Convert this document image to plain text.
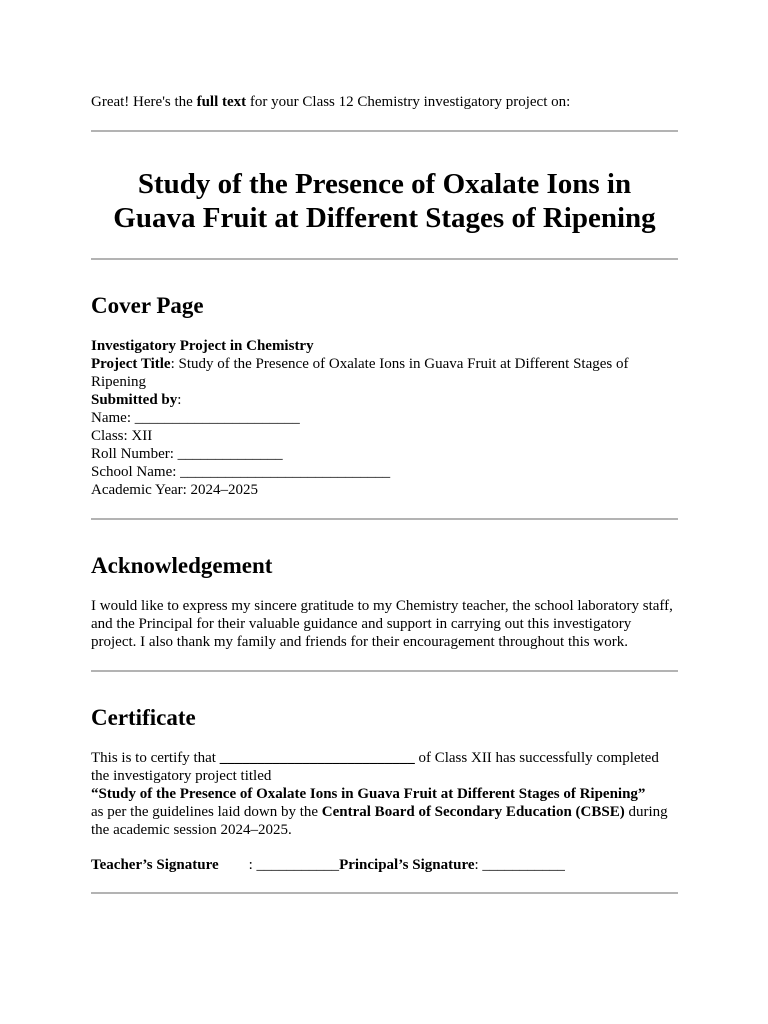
Great! Here's the full text for your Class 12 Chemistry investigatory project on:

Study of the Presence of Oxalate Ions in
Guava Fruit at Different Stages of Ripening
Cover Page
Investigatory Project in Chemistry
Project Title: Study of the Presence of Oxalate Ions in Guava Fruit at Different Stages of Ripening
Submitted by:
Name: ______________________
Class: XII
Roll Number: ______________
School Name: ____________________________
Academic Year: 2024–2025
Acknowledgement

I would like to express my sincere gratitude to my Chemistry teacher, the school laboratory staff, and the Principal for their valuable guidance and support in carrying out this investigatory project. I also thank my family and friends for their encouragement throughout this work.

Certificate
This is to certify that __________________________ of Class XII has successfully completed the investigatory project titled
“Study of the Presence of Oxalate Ions in Guava Fruit at Different Stages of Ripening”
as per the guidelines laid down by the Central Board of Secondary Education (CBSE) during the academic session 2024–2025.
Teacher’s Signature : ___________Principal’s Signature: ___________
